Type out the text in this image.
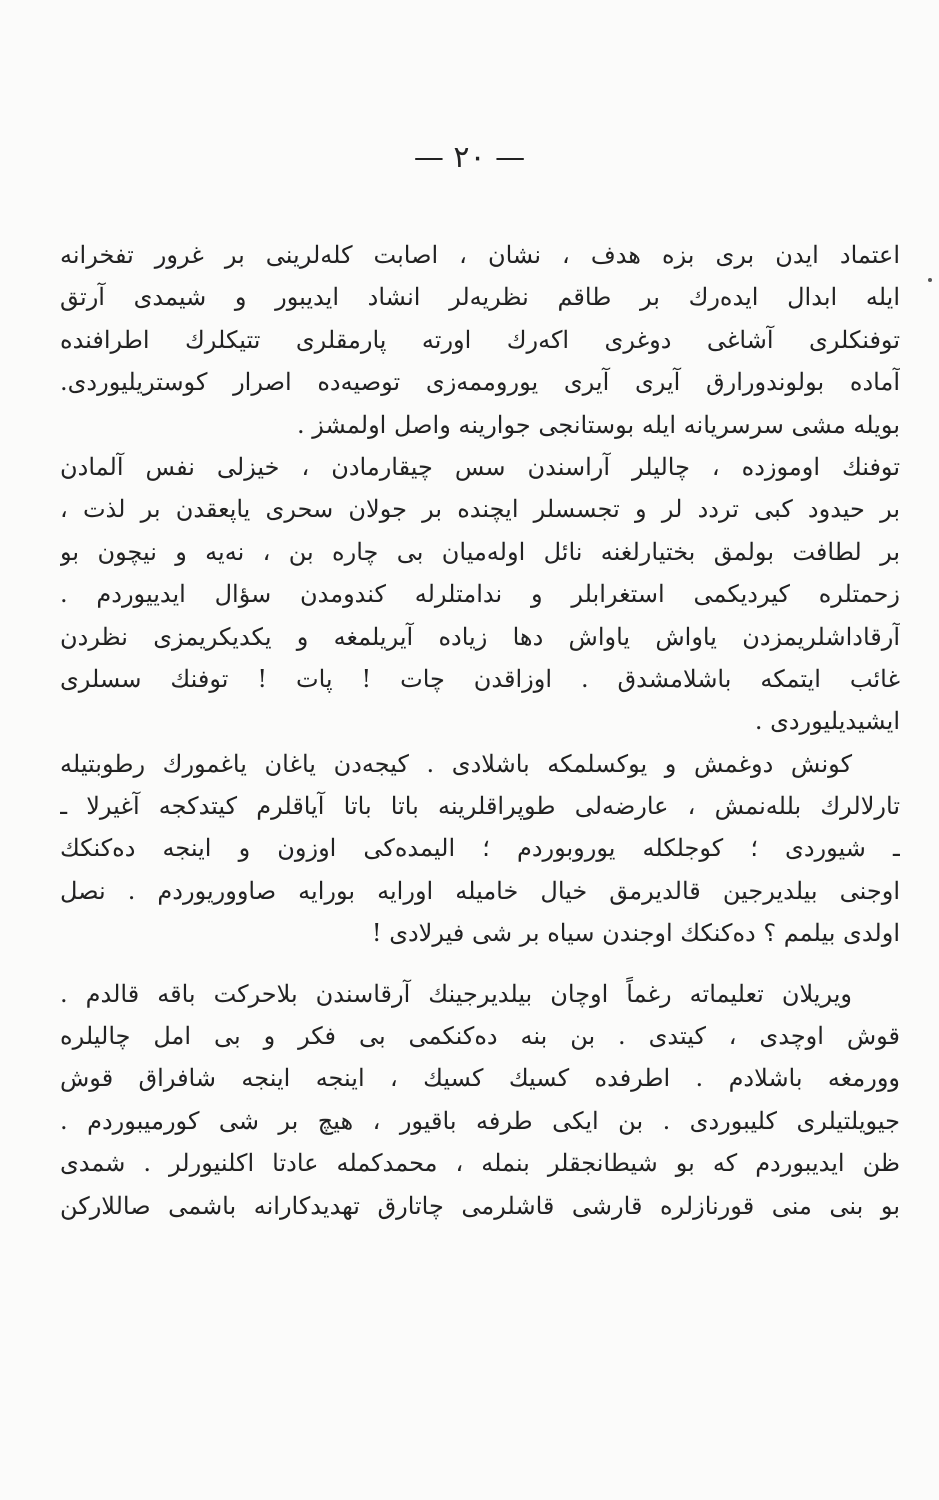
— ٢٠ —
اعتماد ایدن بری بزه هدف ، نشان ، اصابت کله‌لرینی بر غرور تفخرانه
ایله ابدال ایده‌رك بر طاقم نظریه‌لر انشاد ایدیبور و شیمدی آرتق
توفنکلری آشاغی دوغری اکه‌رك اورته پارمقلری تتیکلرك اطرافنده
آماده بولوندورارق آیری آیری یوروممه‌زی توصیه‌ده اصرار کوستریلیوردی.
بویله مشی سرسریانه ایله بوستانجی جوارینه واصل اولمشز .
توفنك اوموزده ، چالیلر آراسندن سس چیقارمادن ، خیزلی نفس آلمادن
بر حیدود کبی تردد لر و تجسسلر ایچنده بر جولان سحری یاپعقدن بر لذت ،
بر لطافت بولمق بختیارلغنه نائل اوله‌میان بی چاره بن ، نه‌یه و نیچون بو
زحمتلره کیردیکمی استغرابلر و ندامتلرله کندومدن سؤال ایدییوردم .
آرقاداشلریمزدن یاواش یاواش دها زیاده آیریلمغه و یکدیکریمزی نظردن
غائب ایتمکه باشلامشدق . اوزاقدن چات ! پات ! توفنك سسلری
ایشیدیلیوردی .
کونش دوغمش و یوکسلمکه باشلادی . کیجه‌دن یاغان یاغمورك رطوبتیله
تارلالرك بلله‌نمش ، عارضه‌لی طوپراقلرینه باتا باتا آیاقلرم کیتدکجه آغیرلا ـ
ـ شیوردی ؛ کوجلکله یوروبوردم ؛ الیمده‌کی اوزون و اینجه ده‌کنکك
اوجنی بیلدیرجین قالدیرمق خیال خامیله اورایه بورایه صاووریوردم . نصل
اولدی بیلمم ؟ ده‌کنکك اوجندن سیاه بر شی فیرلادی !
ویریلان تعلیماته رغماً اوچان بیلدیرجینك آرقاسندن بلاحرکت باقه قالدم .
قوش اوچدی ، کیتدی . بن بنه ده‌کنکمی بی فکر و بی امل چالیلره
وورمغه باشلادم . اطرفده کسیك کسیك ، اینجه اینجه شافراق قوش
جیویلتیلری کلیبوردی . بن ایکی طرفه باقیور ، هیچ بر شی کورمیبوردم .
ظن ایدیبوردم که بو شیطانجقلر بنمله ، محمد‌کمله عادتا اکلنیورلر . شمدی
بو بنی منی قورنازلره قارشی قاشلرمی چاتارق تهدیدکارانه باشمی صاللارکن
